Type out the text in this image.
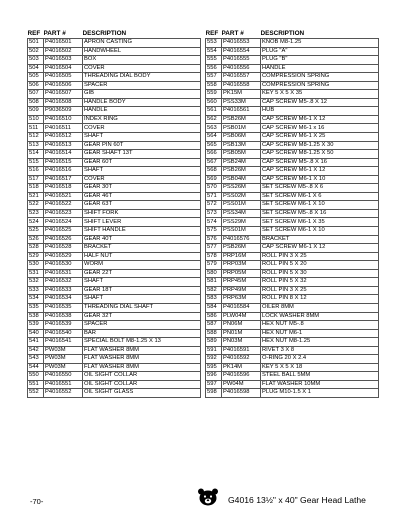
REF	PART #	DESCRIPTION
501	P4016501	APRON CASTING
502	P4016502	HANDWHEEL
503	P4016503	BOX
504	P4016504	COVER
505	P4016505	THREADING DIAL BODY
506	P4016506	SPACER
507	P4016507	GIB
508	P4016508	HANDLE BODY
509	P9036509	HANDLE
510	P4016510	INDEX RING
511	P4016511	COVER
512	P4016512	SHAFT
513	P4016513	GEAR PIN 60T
514	P4016514	GEAR SHAFT 13T
515	P4016515	GEAR 60T
516	P4016516	SHAFT
517	P4016517	COVER
518	P4016518	GEAR 30T
521	P4016521	GEAR 46T
522	P4016522	GEAR 63T
523	P4016523	SHIFT FORK
524	P4016524	SHIFT LEVER
525	P4016525	SHIFT HANDLE
526	P4016526	GEAR 40T
528	P4016528	BRACKET
529	P4016529	HALF NUT
530	P4016530	WORM
531	P4016531	GEAR 22T
532	P4016532	SHAFT
533	P4016533	GEAR 18T
534	P4016534	SHAFT
535	P4016535	THREADING DIAL SHAFT
538	P4016538	GEAR 32T
539	P4016539	SPACER
540	P4016540	BAR
541	P4016541	SPECIAL BOLT M8-1.25 X 13
542	PW03M	FLAT WASHER 8MM
543	PW03M	FLAT WASHER 8MM
544	PW03M	FLAT WASHER 8MM
550	P4016550	OIL SIGHT COLLAR
551	P4016551	OIL SIGHT COLLAR
552	P4016552	OIL SIGHT GLASS
REF	PART #	DESCRIPTION
553	P4016553	KNOB M8-1.25
554	P4016554	PLUG "A"
555	P4016555	PLUG "B"
556	P4016556	HANDLE
557	P4016557	COMPRESSION SPRING
558	P4016558	COMPRESSION SPRING
559	PK15M	KEY 5 X 5 X 35
560	PSS33M	CAP SCREW M5-.8 X 12
561	P4016561	HUB
562	PSB26M	CAP SCREW M6-1 X 12
563	PSB01M	CAP SCREW M6-1 x 16
564	PSB06M	CAP SCREW M6-1 X 25
565	PSB13M	CAP SCREW M8-1.25 X 30
566	PSB05M	CAP SCREW M8-1.25 X 50
567	PSB24M	CAP SCREW M5-.8 X 16
568	PSB26M	CAP SCREW M6-1 X 12
569	PSB04M	CAP SCREW M6-1 X 10
570	PSS26M	SET SCREW M5-.8 X 6
571	PSS02M	SET SCREW M6-1 X 6
572	PSS01M	SET SCREW M6-1 X 10
573	PSS34M	SET SCREW M5-.8 X 16
574	PSS29M	SET SCREW M6-1 X 35
575	PSS01M	SET SCREW M6-1 X 10
576	P4016576	BRACKET
577	PSB26M	CAP SCREW M6-1 X 12
578	PRP16M	ROLL PIN 3 X 25
579	PRP03M	ROLL PIN 5 X 20
580	PRP05M	ROLL PIN 5 X 30
581	PRP45M	ROLL PIN 5 X 32
582	PRP49M	ROLL PIN 3 X 25
583	PRP63M	ROLL PIN 8 X 12
584	P4016584	OILER 8MM
586	PLW04M	LOCK WASHER 8MM
587	PN06M	HEX NUT M5-.8
588	PN01M	HEX NUT M6-1
589	PN03M	HEX NUT M8-1.25
591	P4016591	RIVET 3 X 8
592	P4016592	O-RING 20 X 2.4
595	PK14M	KEY 5 X 5 X 18
596	P4016596	STEEL BALL 5MM
597	PW04M	FLAT WASHER 10MM
598	P4016598	PLUG M10-1.5 X 1
-70-	G4016 13½" x 40" Gear Head Lathe
